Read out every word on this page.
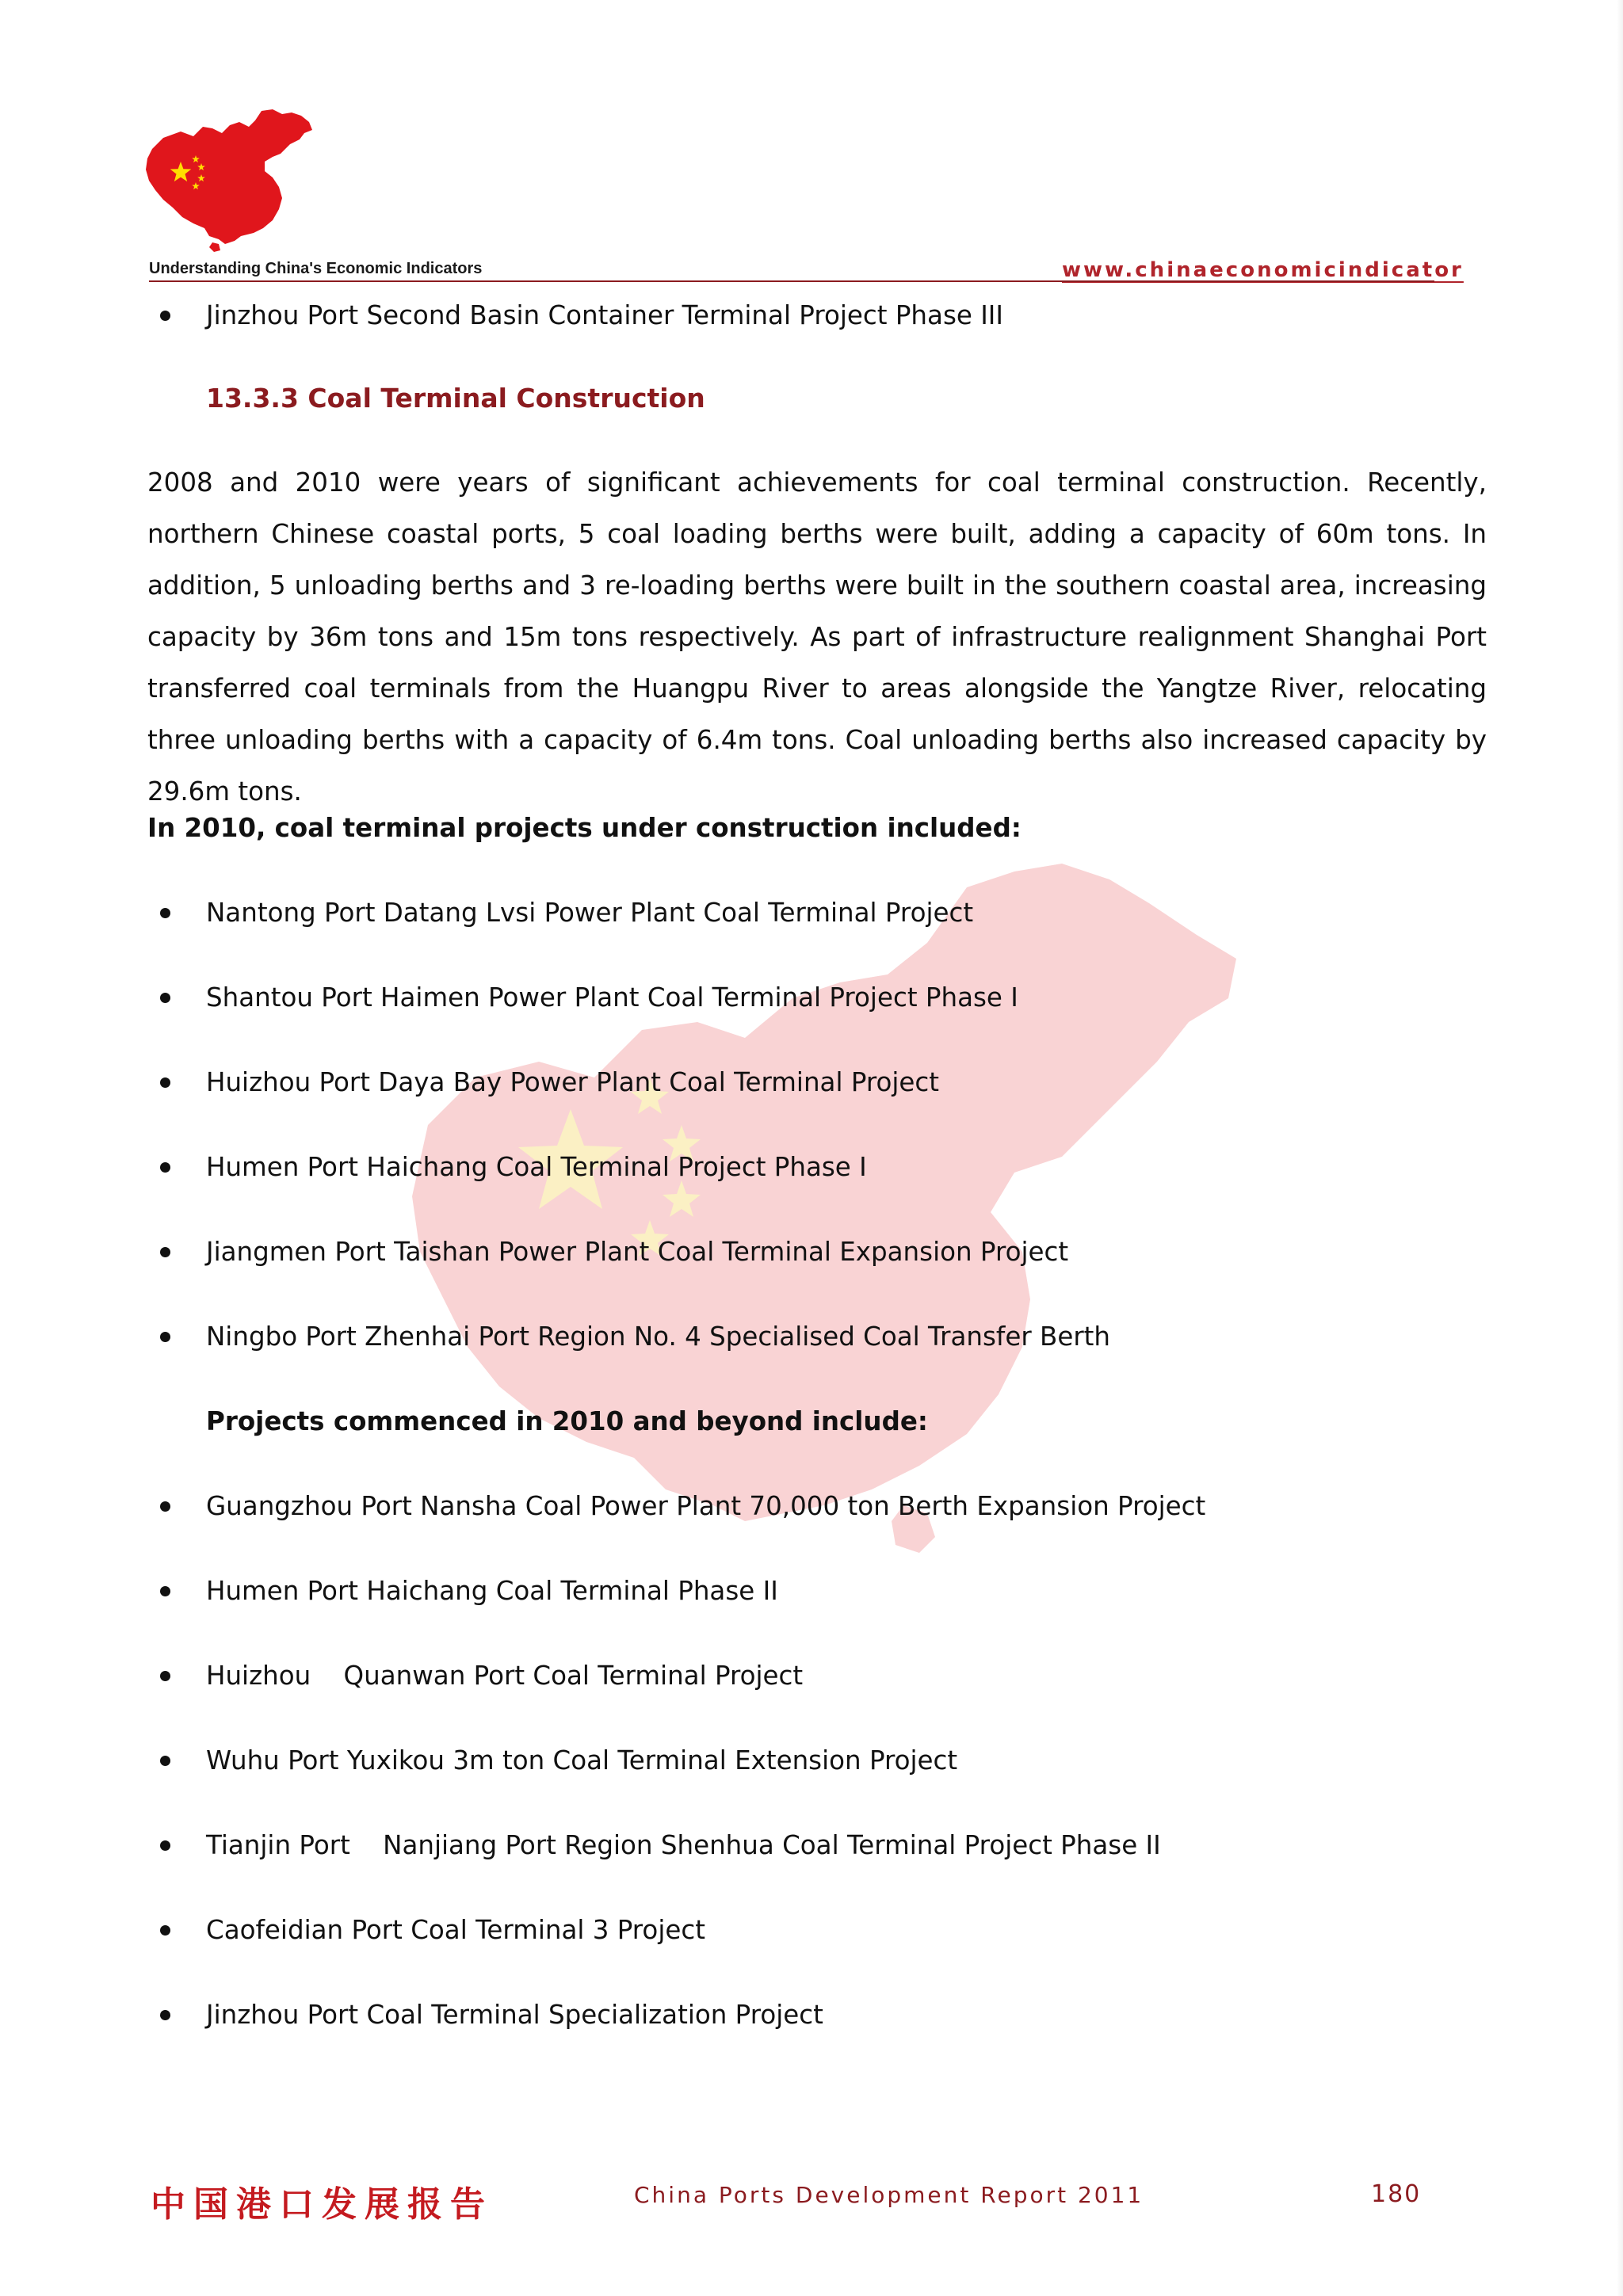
Understanding China's Economic Indicators	www.chinaeconomicindicator
Jinzhou Port Second Basin Container Terminal Project Phase III
13.3.3 Coal Terminal Construction
2008 and 2010 were years of significant achievements for coal terminal construction. Recently, northern Chinese coastal ports, 5 coal loading berths were built, adding a capacity of 60m tons. In addition, 5 unloading berths and 3 re-loading berths were built in the southern coastal area, increasing capacity by 36m tons and 15m tons respectively. As part of infrastructure realignment Shanghai Port transferred coal terminals from the Huangpu River to areas alongside the Yangtze River, relocating three unloading berths with a capacity of 6.4m tons. Coal unloading berths also increased capacity by 29.6m tons.
In 2010, coal terminal projects under construction included:
Nantong Port Datang Lvsi Power Plant Coal Terminal Project
Shantou Port Haimen Power Plant Coal Terminal Project Phase I
Huizhou Port Daya Bay Power Plant Coal Terminal Project
Humen Port Haichang Coal Terminal Project Phase I
Jiangmen Port Taishan Power Plant Coal Terminal Expansion Project
Ningbo Port Zhenhai Port Region No. 4 Specialised Coal Transfer Berth
Projects commenced in 2010 and beyond include:
Guangzhou Port Nansha Coal Power Plant 70,000 ton Berth Expansion Project
Humen Port Haichang Coal Terminal Phase II
Huizhou    Quanwan Port Coal Terminal Project
Wuhu Port Yuxikou 3m ton Coal Terminal Extension Project
Tianjin Port    Nanjiang Port Region Shenhua Coal Terminal Project Phase II
Caofeidian Port Coal Terminal 3 Project
Jinzhou Port Coal Terminal Specialization Project
中国港口发展报告	China Ports Development Report 2011	180
